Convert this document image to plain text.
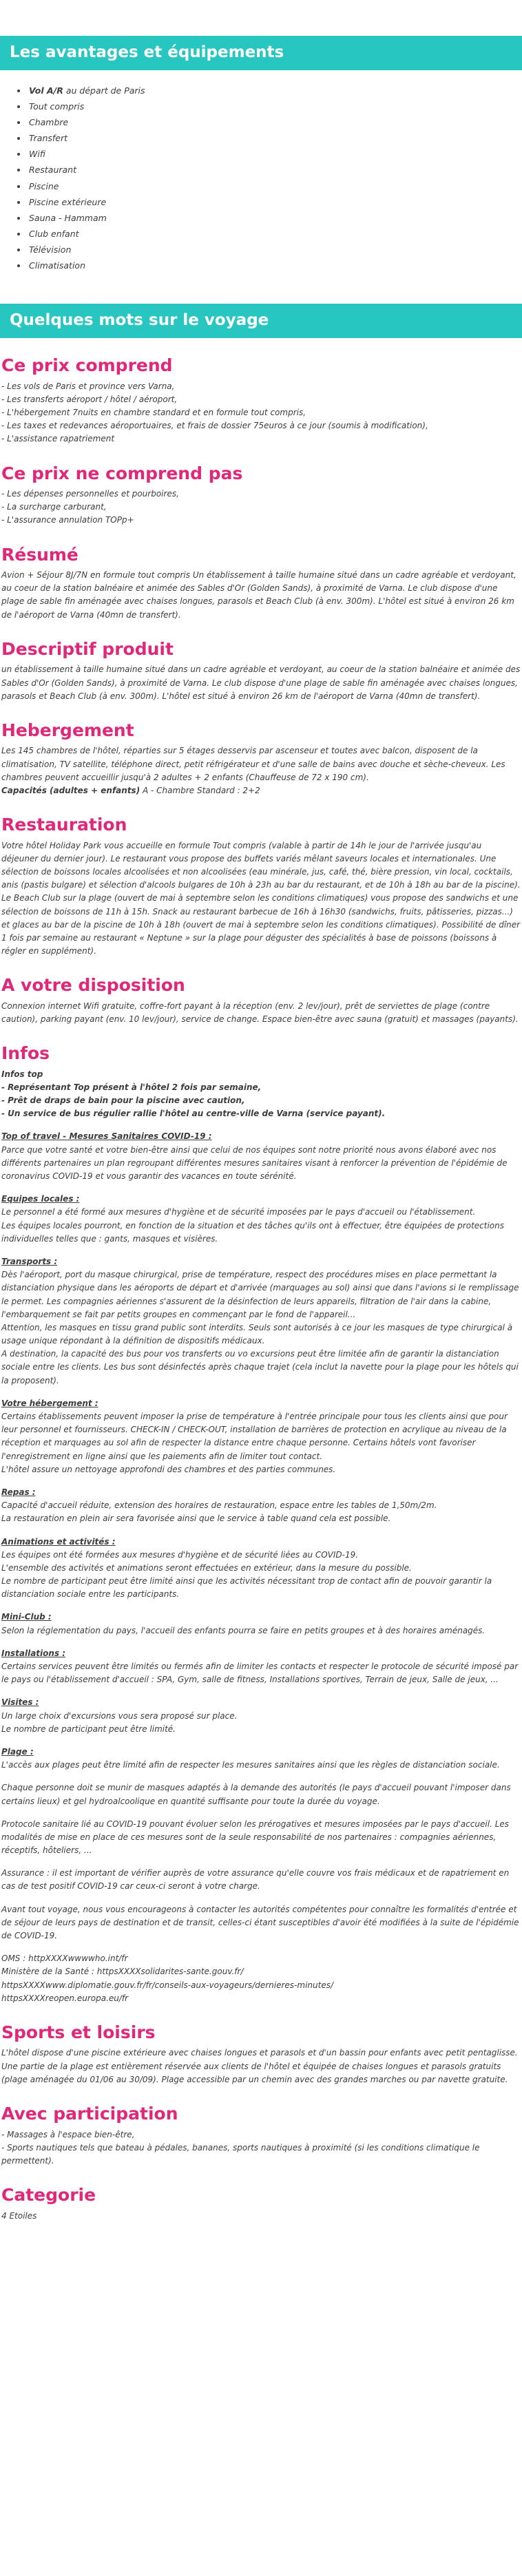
Les avantages et équipements
• Vol A/R au départ de Paris
• Tout compris
• Chambre
• Transfert
• Wifi
• Restaurant
• Piscine
• Piscine extérieure
• Sauna - Hammam
• Club enfant
• Télévision
• Climatisation
Quelques mots sur le voyage
Ce prix comprend
- Les vols de Paris et province vers Varna,
- Les transferts aéroport / hôtel / aéroport,
- L'hébergement 7nuits en chambre standard et en formule tout compris,
- Les taxes et redevances aéroportuaires, et frais de dossier 75euros à ce jour (soumis à modification),
- L'assistance rapatriement
Ce prix ne comprend pas
- Les dépenses personnelles et pourboires,
- La surcharge carburant,
- L'assurance annulation TOPp+
Résumé

Avion + Séjour 8J/7N en formule tout compris Un établissement à taille humaine situé dans un cadre agréable et verdoyant, au coeur de la station balnéaire et animée des Sables d'Or (Golden Sands), à proximité de Varna. Le club dispose d'une plage de sable fin aménagée avec chaises longues, parasols et Beach Club (à env. 300m). L'hôtel est situé à environ 26 km de l'aéroport de Varna (40mn de transfert).

Descriptif produit

un établissement à taille humaine situé dans un cadre agréable et verdoyant, au coeur de la station balnéaire et animée des Sables d'Or (Golden Sands), à proximité de Varna. Le club dispose d'une plage de sable fin aménagée avec chaises longues, parasols et Beach Club (à env. 300m). L'hôtel est situé à environ 26 km de l'aéroport de Varna (40mn de transfert).

Hebergement

Les 145 chambres de l'hôtel, réparties sur 5 étages desservis par ascenseur et toutes avec balcon, disposent de la climatisation, TV satellite, téléphone direct, petit réfrigérateur et d'une salle de bains avec douche et sèche-cheveux. Les chambres peuvent accueillir jusqu'à 2 adultes + 2 enfants (Chauffeuse de 72 x 190 cm).

Capacités (adultes + enfants) A - Chambre Standard : 2+2

Restauration

Votre hôtel Holiday Park vous accueille en formule Tout compris (valable à partir de 14h le jour de l'arrivée jusqu'au déjeuner du dernier jour). Le restaurant vous propose des buffets variés mêlant saveurs locales et internationales. Une sélection de boissons locales alcoolisées et non alcoolisées (eau minérale, jus, café, thé, bière pression, vin local, cocktails, anis (pastis bulgare) et sélection d'alcools bulgares de 10h à 23h au bar du restaurant, et de 10h à 18h au bar de la piscine). Le Beach Club sur la plage (ouvert de mai à septembre selon les conditions climatiques) vous propose des sandwichs et une sélection de boissons de 11h à 15h. Snack au restaurant barbecue de 16h à 16h30 (sandwichs, fruits, pâtisseries, pizzas...) et glaces au bar de la piscine de 10h à 18h (ouvert de mai à septembre selon les conditions climatiques). Possibilité de dîner 1 fois par semaine au restaurant « Neptune » sur la plage pour déguster des spécialités à base de poissons (boissons à régler en supplément).

A votre disposition

Connexion internet Wifi gratuite, coffre-fort payant à la réception (env. 2 lev/jour), prêt de serviettes de plage (contre caution), parking payant (env. 10 lev/jour), service de change. Espace bien-être avec sauna (gratuit) et massages (payants).

Infos
Infos top
- Représentant Top présent à l'hôtel 2 fois par semaine,
- Prêt de draps de bain pour la piscine avec caution,
- Un service de bus régulier rallie l'hôtel au centre-ville de Varna (service payant).
Top of travel - Mesures Sanitaires COVID-19 :
Parce que votre santé et votre bien-être ainsi que celui de nos équipes sont notre priorité nous avons élaboré avec nos différents partenaires un plan regroupant différentes mesures sanitaires visant à renforcer la prévention de l'épidémie de coronavirus COVID-19 et vous garantir des vacances en toute sérénité.
Equipes locales :
Le personnel a été formé aux mesures d'hygiène et de sécurité imposées par le pays d'accueil ou l'établissement.
Les équipes locales pourront, en fonction de la situation et des tâches qu'ils ont à effectuer, être équipées de protections individuelles telles que : gants, masques et visières.
Transports :
Dès l'aéroport, port du masque chirurgical, prise de température, respect des procédures mises en place permettant la distanciation physique dans les aéroports de départ et d'arrivée (marquages au sol) ainsi que dans l'avions si le remplissage le permet. Les compagnies aériennes s'assurent de la désinfection de leurs appareils, filtration de l'air dans la cabine, l'embarquement se fait par petits groupes en commençant par le fond de l'appareil...
Attention, les masques en tissu grand public sont interdits. Seuls sont autorisés à ce jour les masques de type chirurgical à usage unique répondant à la définition de dispositifs médicaux.
A destination, la capacité des bus pour vos transferts ou vo excursions peut être limitée afin de garantir la distanciation sociale entre les clients. Les bus sont désinfectés après chaque trajet (cela inclut la navette pour la plage pour les hôtels qui la proposent).
Votre hébergement :
Certains établissements peuvent imposer la prise de température à l'entrée principale pour tous les clients ainsi que pour leur personnel et fournisseurs. CHECK-IN / CHECK-OUT, installation de barrières de protection en acrylique au niveau de la réception et marquages au sol afin de respecter la distance entre chaque personne. Certains hôtels vont favoriser l'enregistrement en ligne ainsi que les paiements afin de limiter tout contact.
L'hôtel assure un nettoyage approfondi des chambres et des parties communes.
Repas :
Capacité d'accueil réduite, extension des horaires de restauration, espace entre les tables de 1,50m/2m.
La restauration en plein air sera favorisée ainsi que le service à table quand cela est possible.
Animations et activités :
Les équipes ont été formées aux mesures d'hygiène et de sécurité liées au COVID-19.
L'ensemble des activités et animations seront effectuées en extérieur, dans la mesure du possible.
Le nombre de participant peut être limité ainsi que les activités nécessitant trop de contact afin de pouvoir garantir la distanciation sociale entre les participants.
Mini-Club :
Selon la réglementation du pays, l'accueil des enfants pourra se faire en petits groupes et à des horaires aménagés.
Installations :
Certains services peuvent être limités ou fermés afin de limiter les contacts et respecter le protocole de sécurité imposé par le pays ou l'établissement d'accueil : SPA, Gym, salle de fitness, Installations sportives, Terrain de jeux, Salle de jeux, ...
Visites :
Un large choix d'excursions vous sera proposé sur place.
Le nombre de participant peut être limité.
Plage :
L'accès aux plages peut être limité afin de respecter les mesures sanitaires ainsi que les règles de distanciation sociale.

Chaque personne doit se munir de masques adaptés à la demande des autorités (le pays d'accueil pouvant l'imposer dans certains lieux) et gel hydroalcoolique en quantité suffisante pour toute la durée du voyage.

Protocole sanitaire lié au COVID-19 pouvant évoluer selon les prérogatives et mesures imposées par le pays d'accueil. Les modalités de mise en place de ces mesures sont de la seule responsabilité de nos partenaires : compagnies aériennes, réceptifs, hôteliers, ...

Assurance : il est important de vérifier auprès de votre assurance qu'elle couvre vos frais médicaux et de rapatriement en cas de test positif COVID-19 car ceux-ci seront à votre charge.

Avant tout voyage, nous vous encourageons à contacter les autorités compétentes pour connaître les formalités d'entrée et de séjour de leurs pays de destination et de transit, celles-ci étant susceptibles d'avoir été modifiées à la suite de l'épidémie de COVID-19.

OMS : httpXXXXwwwwho.int/fr
Ministère de la Santé : httpsXXXXsolidarites-sante.gouv.fr/
httpsXXXXwww.diplomatie.gouv.fr/fr/conseils-aux-voyageurs/dernieres-minutes/
httpsXXXXreopen.europa.eu/fr
Sports et loisirs

L'hôtel dispose d'une piscine extérieure avec chaises longues et parasols et d'un bassin pour enfants avec petit pentaglisse. Une partie de la plage est entièrement réservée aux clients de l'hôtel et équipée de chaises longues et parasols gratuits (plage aménagée du 01/06 au 30/09). Plage accessible par un chemin avec des grandes marches ou par navette gratuite.

Avec participation
- Massages à l'espace bien-être,
- Sports nautiques tels que bateau à pédales, bananes, sports nautiques à proximité (si les conditions climatique le permettent).
Categorie

4 Etoiles
